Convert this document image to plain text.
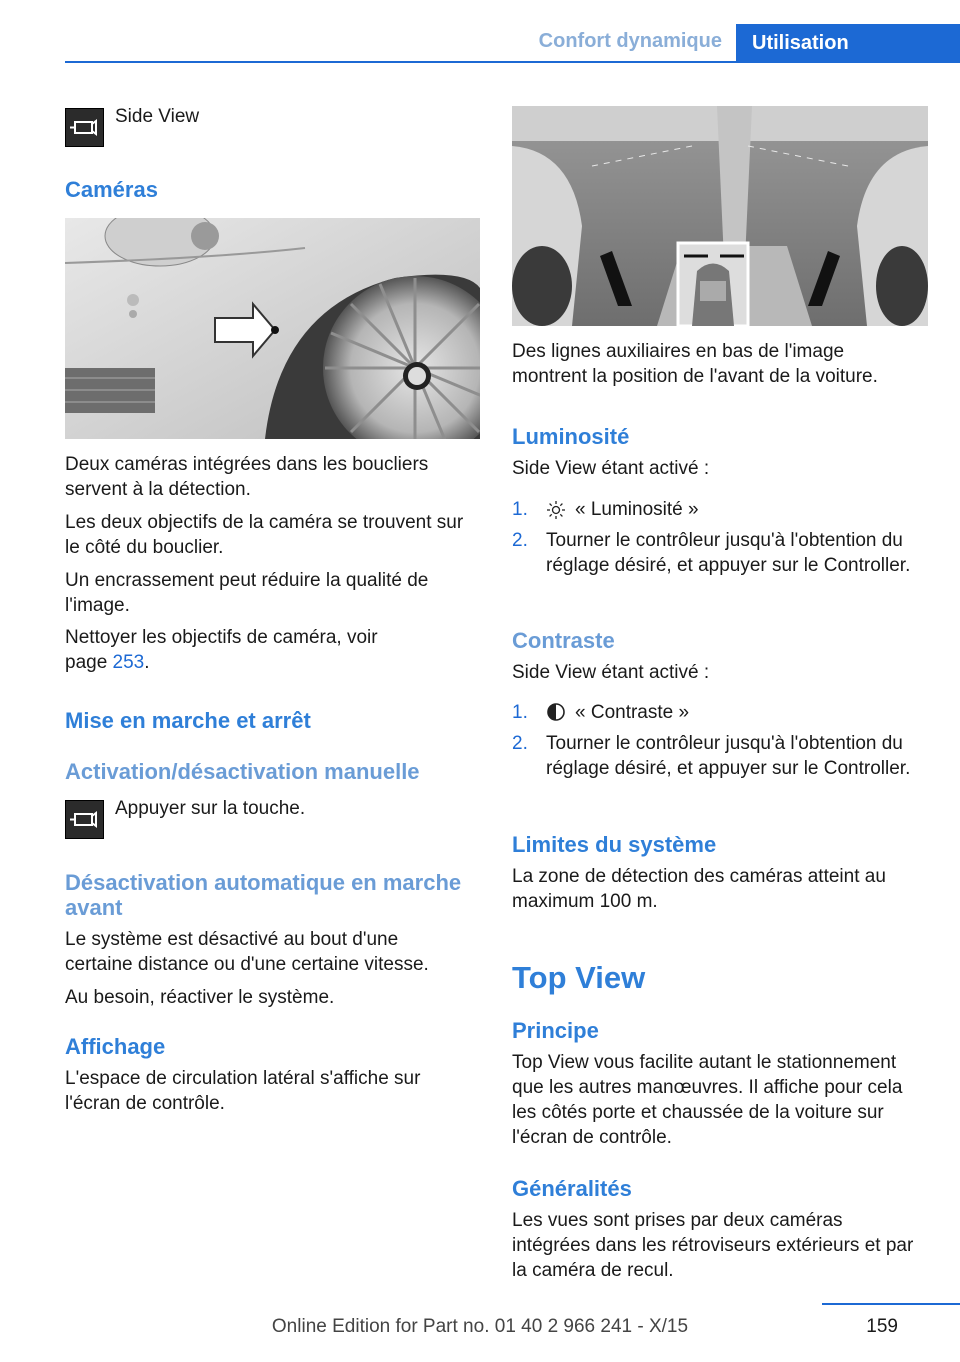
Confort dynamique	Utilisation
Side View
Caméras
Deux caméras intégrées dans les boucliers servent à la détection.
Les deux objectifs de la caméra se trouvent sur le côté du bouclier.
Un encrassement peut réduire la qualité de l'image.
Nettoyer les objectifs de caméra, voir page 253.
Mise en marche et arrêt
Activation/désactivation manuelle
Appuyer sur la touche.
Désactivation automatique en marche avant
Le système est désactivé au bout d'une certaine distance ou d'une certaine vitesse.
Au besoin, réactiver le système.
Affichage
L'espace de circulation latéral s'affiche sur l'écran de contrôle.
Des lignes auxiliaires en bas de l'image montrent la position de l'avant de la voiture.
Luminosité
Side View étant activé :
1. « Luminosité »
2. Tourner le contrôleur jusqu'à l'obtention du réglage désiré, et appuyer sur le Controller.
Contraste
Side View étant activé :
1. « Contraste »
2. Tourner le contrôleur jusqu'à l'obtention du réglage désiré, et appuyer sur le Controller.
Limites du système
La zone de détection des caméras atteint au maximum 100 m.
Top View
Principe
Top View vous facilite autant le stationnement que les autres manœuvres. Il affiche pour cela les côtés porte et chaussée de la voiture sur l'écran de contrôle.
Généralités
Les vues sont prises par deux caméras intégrées dans les rétroviseurs extérieurs et par la caméra de recul.
159
Online Edition for Part no. 01 40 2 966 241 - X/15
